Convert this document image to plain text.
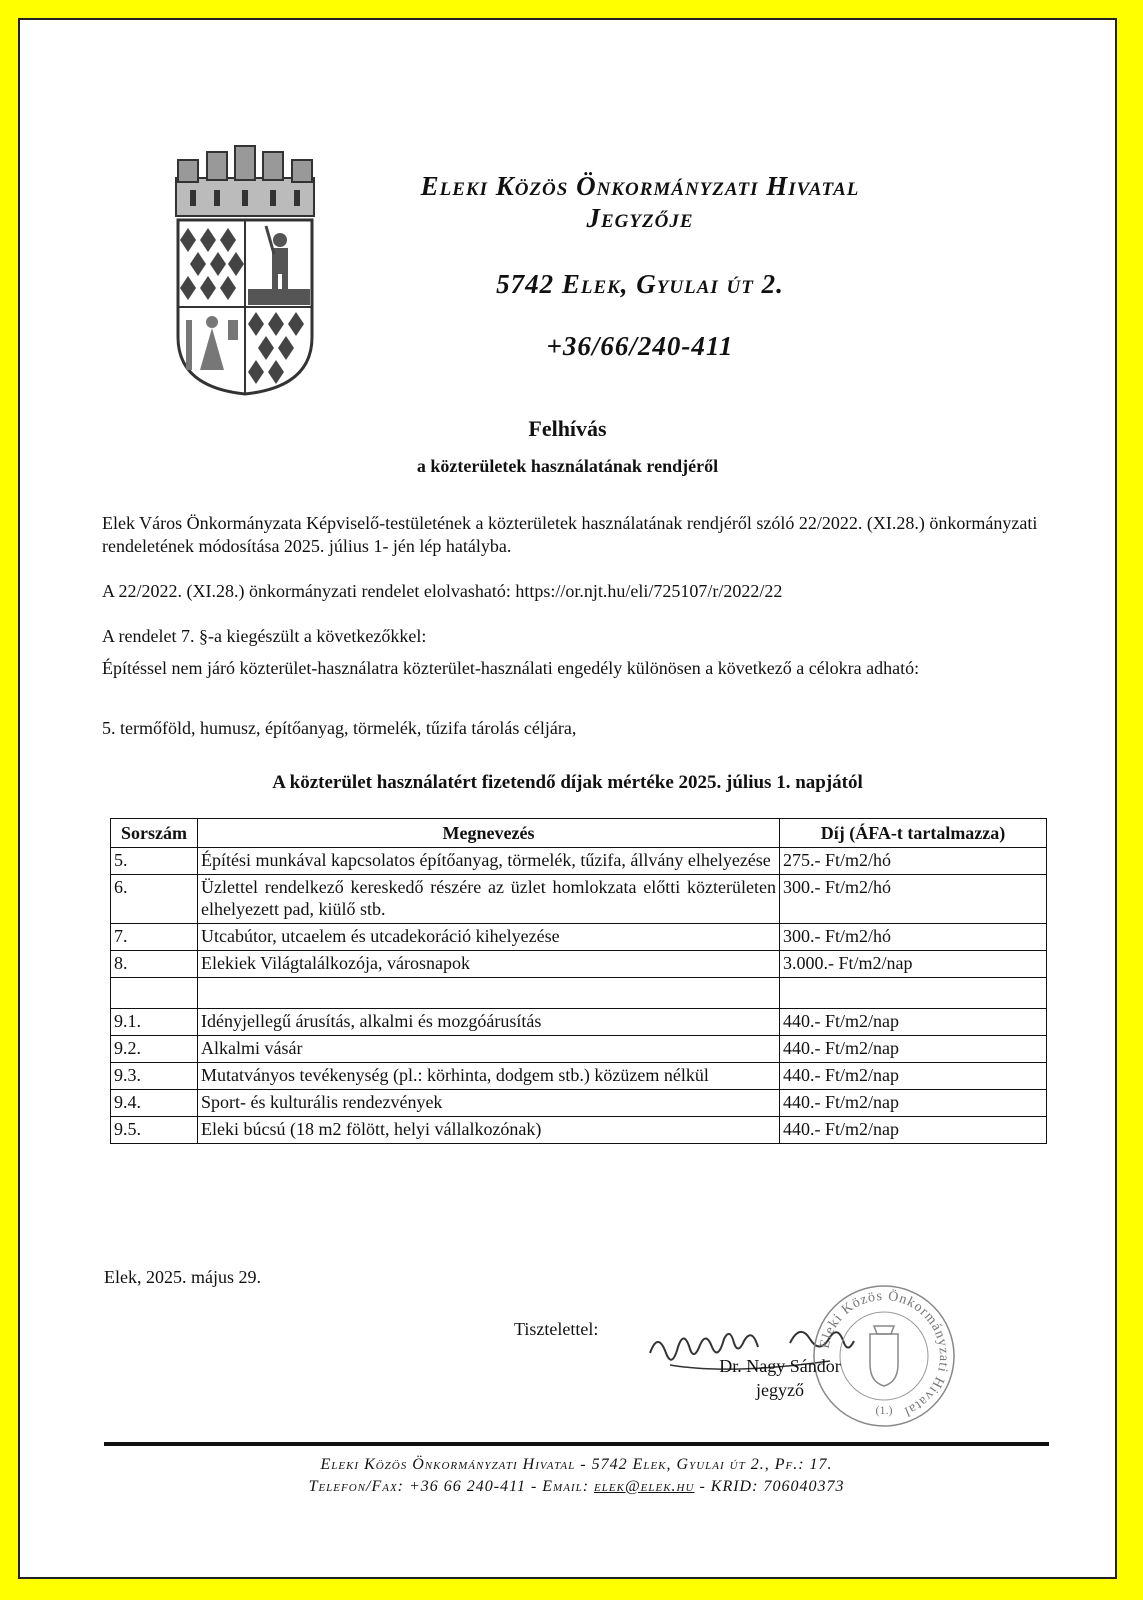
Eleki Közös Önkormányzati Hivatal
Jegyzője
5742 Elek, Gyulai út 2.
+36/66/240-411
Felhívás
a közterületek használatának rendjéről
Elek Város Önkormányzata Képviselő-testületének a közterületek használatának rendjéről szóló 22/2022. (XI.28.) önkormányzati rendeletének módosítása 2025. július 1- jén lép hatályba.
A 22/2022. (XI.28.) önkormányzati rendelet elolvasható: https://or.njt.hu/eli/725107/r/2022/22
A rendelet 7. §-a kiegészült a következőkkel:
Építéssel nem járó közterület-használatra közterület-használati engedély különösen a következő a célokra adható:
5. termőföld, humusz, építőanyag, törmelék, tűzifa tárolás céljára,
A közterület használatért fizetendő díjak mértéke 2025. július 1. napjától
Sorszám	Megnevezés	Díj (ÁFA-t tartalmazza)
5.	Építési munkával kapcsolatos építőanyag, törmelék, tűzifa, állvány elhelyezése	275.- Ft/m2/hó
6.	Üzlettel rendelkező kereskedő részére az üzlet homlokzata előtti közterületen elhelyezett pad, kiülő stb.	300.- Ft/m2/hó
7.	Utcabútor, utcaelem és utcadekoráció kihelyezése	300.- Ft/m2/hó
8.	Elekiek Világtalálkozója, városnapok	3.000.- Ft/m2/nap

9.1.	Idényjellegű árusítás, alkalmi és mozgóárusítás	440.- Ft/m2/nap
9.2.	Alkalmi vásár	440.- Ft/m2/nap
9.3.	Mutatványos tevékenység (pl.: körhinta, dodgem stb.) közüzem nélkül	440.- Ft/m2/nap
9.4.	Sport- és kulturális rendezvények	440.- Ft/m2/nap
9.5.	Eleki búcsú (18 m2 fölött, helyi vállalkozónak)	440.- Ft/m2/nap
Elek, 2025. május 29.
Tisztelettel:
Eleki Közös Önkormányzati Hivatal
(1.)
Dr. Nagy Sándor
jegyző
Eleki Közös Önkormányzati Hivatal - 5742 Elek, Gyulai út 2., Pf.: 17.
Telefon/Fax: +36 66 240-411 - Email: elek@elek.hu - KRID: 706040373
